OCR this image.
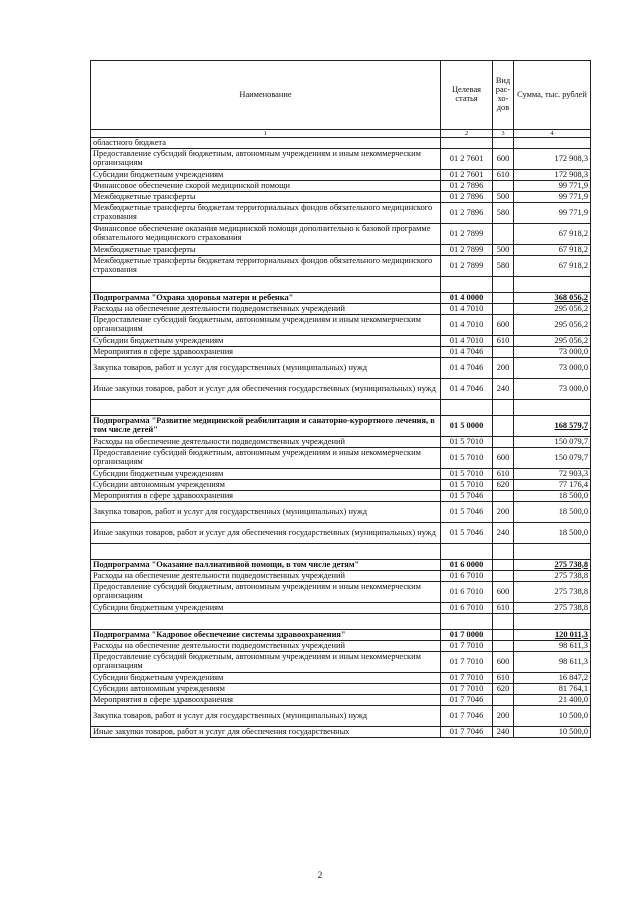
Наименование	Целевая статья	Вид рас- хо- дов	Сумма, тыс. рублей
1	2	3	4
областного бюджета			
Предоставление субсидий бюджетным, автономным учреждениям и иным некоммерческим организациям	01 2 7601	600	172 908,3
Субсидии бюджетным учреждениям	01 2 7601	610	172 908,3
Финансовое обеспечение скорой медицинской помощи	01 2 7896		99 771,9
Межбюджетные трансферты	01 2 7896	500	99 771,9
Межбюджетные трансферты бюджетам территориальных фондов обязательного медицинского страхования	01 2 7896	580	99 771,9
Финансовое обеспечение оказания медицинской помощи дополнительно к базовой программе обязательного медицинского страхования	01 2 7899		67 918,2
Межбюджетные трансферты	01 2 7899	500	67 918,2
Межбюджетные трансферты бюджетам территориальных фондов обязательного медицинского страхования	01 2 7899	580	67 918,2

Подпрограмма "Охрана здоровья матери и ребенка"	01 4 0000		368 056,2
Расходы на обеспечение деятельности подведомственных учреждений	01 4 7010		295 056,2
Предоставление субсидий бюджетным, автономным учреждениям и иным некоммерческим организациям	01 4 7010	600	295 056,2
Субсидии бюджетным учреждениям	01 4 7010	610	295 056,2
Мероприятия в сфере здравоохранения	01 4 7046		73 000,0
Закупка товаров, работ и услуг для государственных (муниципальных) нужд	01 4 7046	200	73 000,0
Иные закупки товаров, работ и услуг для обеспечения государственных (муниципальных) нужд	01 4 7046	240	73 000,0

Подпрограмма "Развитие медицинской реабилитации и санаторно-курортного лечения, в том числе детей"	01 5 0000		168 579,7
Расходы на обеспечение деятельности подведомственных учреждений	01 5 7010		150 079,7
Предоставление субсидий бюджетным, автономным учреждениям и иным некоммерческим организациям	01 5 7010	600	150 079,7
Субсидии бюджетным учреждениям	01 5 7010	610	72 903,3
Субсидии автономным учреждениям	01 5 7010	620	77 176,4
Мероприятия в сфере здравоохранения	01 5 7046		18 500,0
Закупка товаров, работ и услуг для государственных (муниципальных) нужд	01 5 7046	200	18 500,0
Иные закупки товаров, работ и услуг для обеспечения государственных (муниципальных) нужд	01 5 7046	240	18 500,0

Подпрограмма "Оказание паллиативной помощи, в том числе детям"	01 6 0000		275 738,8
Расходы на обеспечение деятельности подведомственных учреждений	01 6 7010		275 738,8
Предоставление субсидий бюджетным, автономным учреждениям и иным некоммерческим организациям	01 6 7010	600	275 738,8
Субсидии бюджетным учреждениям	01 6 7010	610	275 738,8

Подпрограмма "Кадровое обеспечение системы здравоохранения"	01 7 0000		120 011,3
Расходы на обеспечение деятельности подведомственных учреждений	01 7 7010		98 611,3
Предоставление субсидий бюджетным, автономным учреждениям и иным некоммерческим организациям	01 7 7010	600	98 611,3
Субсидии бюджетным учреждениям	01 7 7010	610	16 847,2
Субсидии автономным учреждениям	01 7 7010	620	81 764,1
Мероприятия в сфере здравоохранения	01 7 7046		21 400,0
Закупка товаров, работ и услуг для государственных (муниципальных) нужд	01 7 7046	200	10 500,0
Иные закупки товаров, работ и услуг для обеспечения государственных	01 7 7046	240	10 500,0
2
